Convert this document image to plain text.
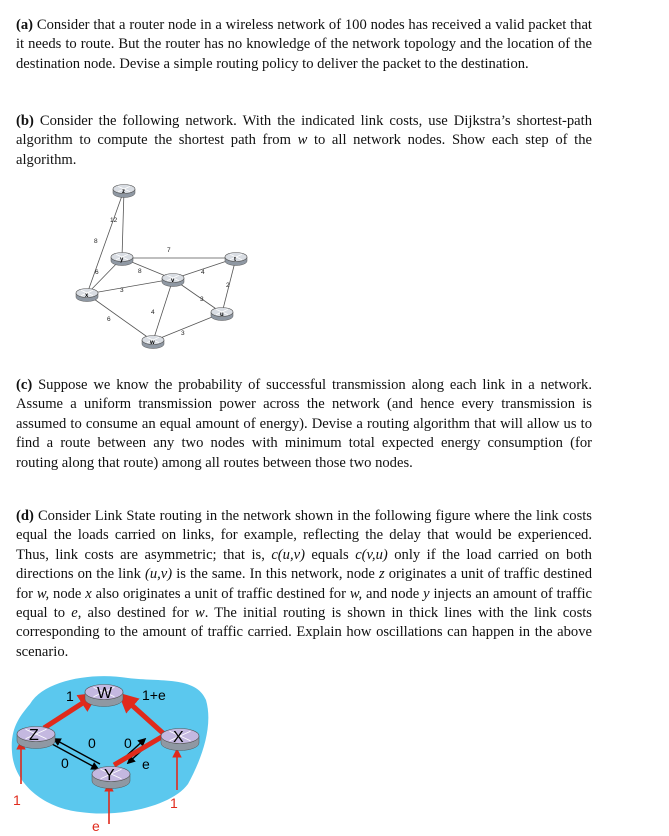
(a) Consider that a router node in a wireless network of 100 nodes has received a valid packet that it needs to route. But the router has no knowledge of the network topology and the location of the destination node. Devise a simple routing policy to deliver the packet to the destination.

(b) Consider the following network. With the indicated link costs, use Dijkstra’s shortest-path algorithm to compute the shortest path from w to all network nodes. Show each step of the algorithm.

12
8
7
6	8
3
4
2
3
6
4
3
z
y	t
x
v
u
w

(c) Suppose we know the probability of successful transmission along each link in a network. Assume a uniform transmission power across the network (and hence every transmission is assumed to consume an equal amount of energy). Devise a routing algorithm that will allow us to find a route between any two nodes with minimum total expected energy consumption (for routing along that route) among all routes between those two nodes.

(d) Consider Link State routing in the network shown in the following figure where the link costs equal the loads carried on links, for example, reflecting the delay that would be experienced. Thus, link costs are asymmetric; that is, c(u,v) equals c(v,u) only if the load carried on both directions on the link (u,v) is the same. In this network, node z originates a unit of traffic destined for w, node x also originates a unit of traffic destined for w, and node y injects an amount of traffic equal to e, also destined for w. The initial routing is shown in thick lines with the link costs corresponding to the amount of traffic carried. Explain how oscillations can happen in the above scenario.

W
Z	X
Y
1	1+e
0
0
0
e
1	1
e
